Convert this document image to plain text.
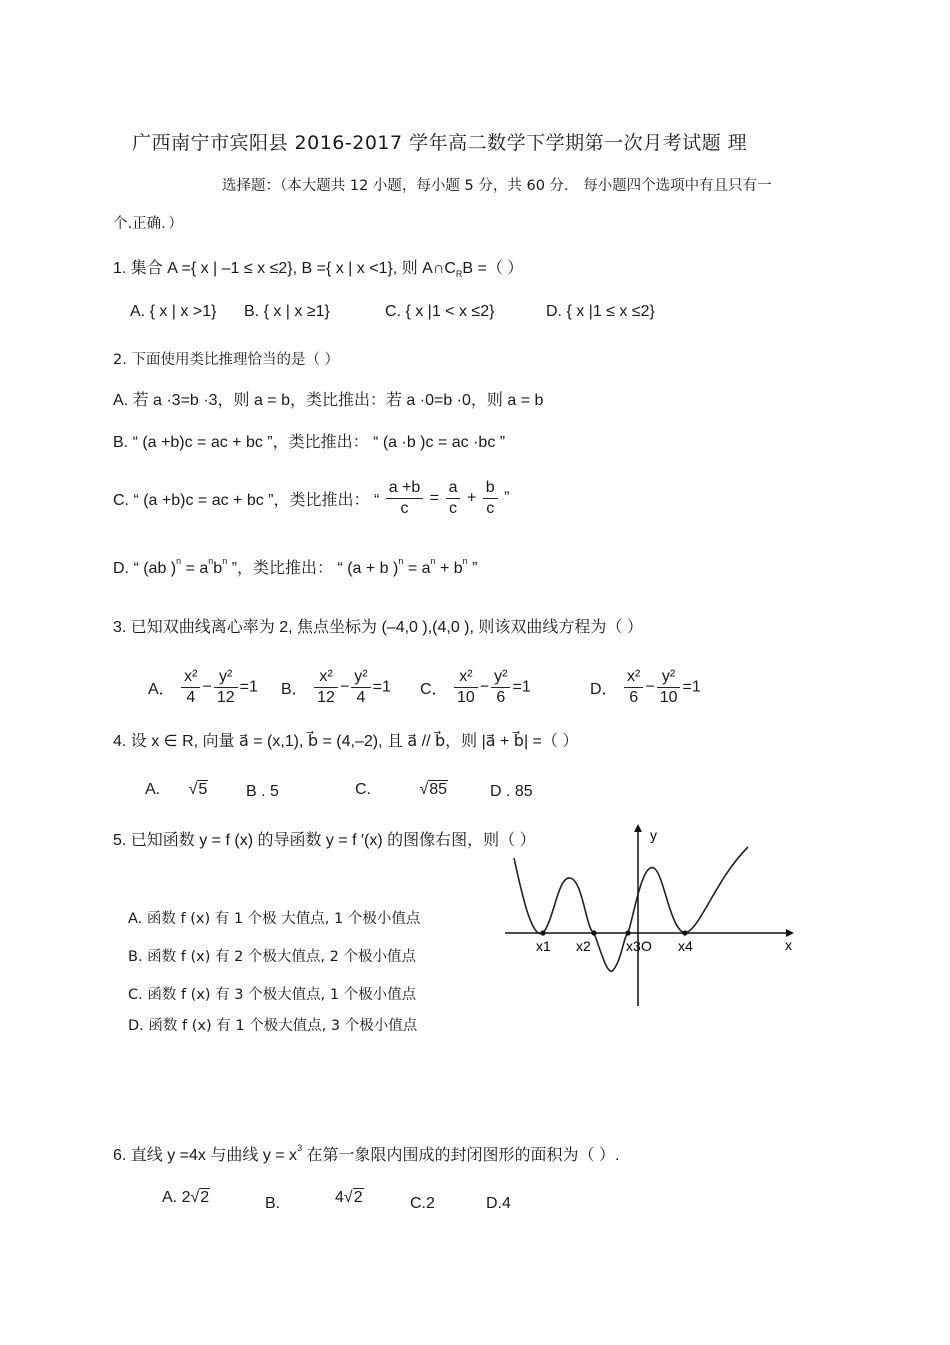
广西南宁市宾阳县 2016-2017 学年高二数学下学期第一次月考试题 理
选择题：（本大题共 12 小题，每小题 5 分，共 60 分． 每小题四个选项中有且只有一
个.正确．）
1. 集合 A ={ x | –1 ≤ x ≤2}, B ={ x | x <1}, 则 $A\cap C_RB$ =（ ）
A. { x | x >1} B. { x | x ≥1}	C. { x |1 < x ≤2}	D. { x |1 ≤ x ≤2}
2. 下面使用类比推理恰当的是（ ）
A. 若 a ·3=b ·3，则 a = b，类比推出：若 a ·0=b ·0，则 a = b
B. “ (a +b)c = ac + bc ”，类比推出： “ (a ·b )c = ac ·bc ”
C. “ (a +b)c = ac + bc ”，类比推出： “ $\frac{a +b}{c} = \frac{a}{c} + \frac{b}{c}$ ”
D. “ (ab )$^n = a^nb^n$ ”，类比推出： “ (a + b )$^n = a^n + b^n$ ”
3. 已知双曲线离心率为 2, 焦点坐标为 (–4,0 ),(4,0 ), 则该双曲线方程为（ ）
A． $\frac{\text{x²}}{4} - \frac{\text{y²}}{12} =1$ B． $\frac{\text{x²}}{12} - \frac{\text{y²}}{4} =1$ C． $\frac{\text{x²}}{10} - \frac{\text{y²}}{6} =1$	D． $\frac{\text{x²}}{6} - \frac{\text{y²}}{10} =1$
4. 设 x ∈ R, 向量 a⃗ = (x,1), b⃗ = (4,–2), 且 a⃗ // b⃗，则 |a⃗ + b⃗| =（ ）
A. √5 B . 5	C.	√85	D . 85
5. 已知函数 y = f (x) 的导函数 y = f ′(x) 的图像右图，则（ ）
A. 函数 f (x) 有 1 个极 大值点, 1 个极小值点
B. 函数 f (x) 有 2 个极大值点, 2 个极小值点
C. 函数 f (x) 有 3 个极大值点, 1 个极小值点
D. 函数 f (x) 有 1 个极大值点, 3 个极小值点
x1 x2	x3 O x4	x
y
6. 直线 y =4x 与曲线 $y = x^3$ 在第一象限内围成的封闭图形的面积为（ ）.
A. 2√2	B.	4√2	C.2	D.4
